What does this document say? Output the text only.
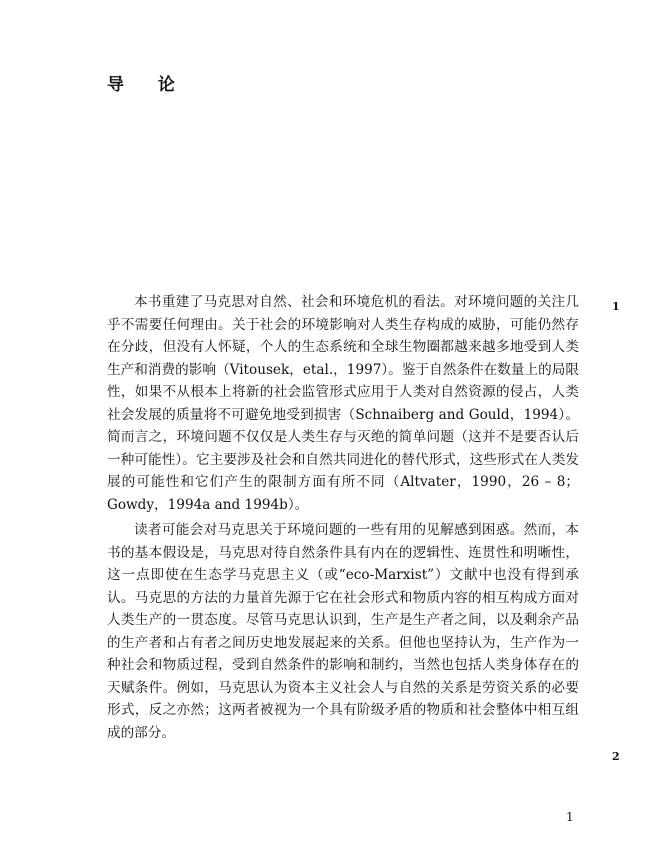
导 论

本书重建了马克思对自然、社会和环境危机的看法。对环境问题的关注几乎不需要任何理由。关于社会的环境影响对人类生存构成的威胁，可能仍然存在分歧，但没有人怀疑，个人的生态系统和全球生物圈都越来越多地受到人类生产和消费的影响（Vitousek，etal.，1997）。鉴于自然条件在数量上的局限性，如果不从根本上将新的社会监管形式应用于人类对自然资源的侵占，人类社会发展的质量将不可避免地受到损害（Schnaiberg and Gould，1994）。简而言之，环境问题不仅仅是人类生存与灭绝的简单问题（这并不是要否认后一种可能性）。它主要涉及社会和自然共同进化的替代形式，这些形式在人类发展的可能性和它们产生的限制方面有所不同（Altvater，1990，26 – 8；Gowdy，1994a and 1994b）。

读者可能会对马克思关于环境问题的一些有用的见解感到困惑。然而，本书的基本假设是，马克思对待自然条件具有内在的逻辑性、连贯性和明晰性，这一点即使在生态学马克思主义（或“eco-Marxist”）文献中也没有得到承认。马克思的方法的力量首先源于它在社会形式和物质内容的相互构成方面对人类生产的一贯态度。尽管马克思认识到，生产是生产者之间，以及剩余产品的生产者和占有者之间历史地发展起来的关系。但他也坚持认为，生产作为一种社会和物质过程，受到自然条件的影响和制约，当然也包括人类身体存在的天赋条件。例如，马克思认为资本主义社会人与自然的关系是劳资关系的必要形式，反之亦然；这两者被视为一个具有阶级矛盾的物质和社会整体中相互组成的部分。

1
2
1
